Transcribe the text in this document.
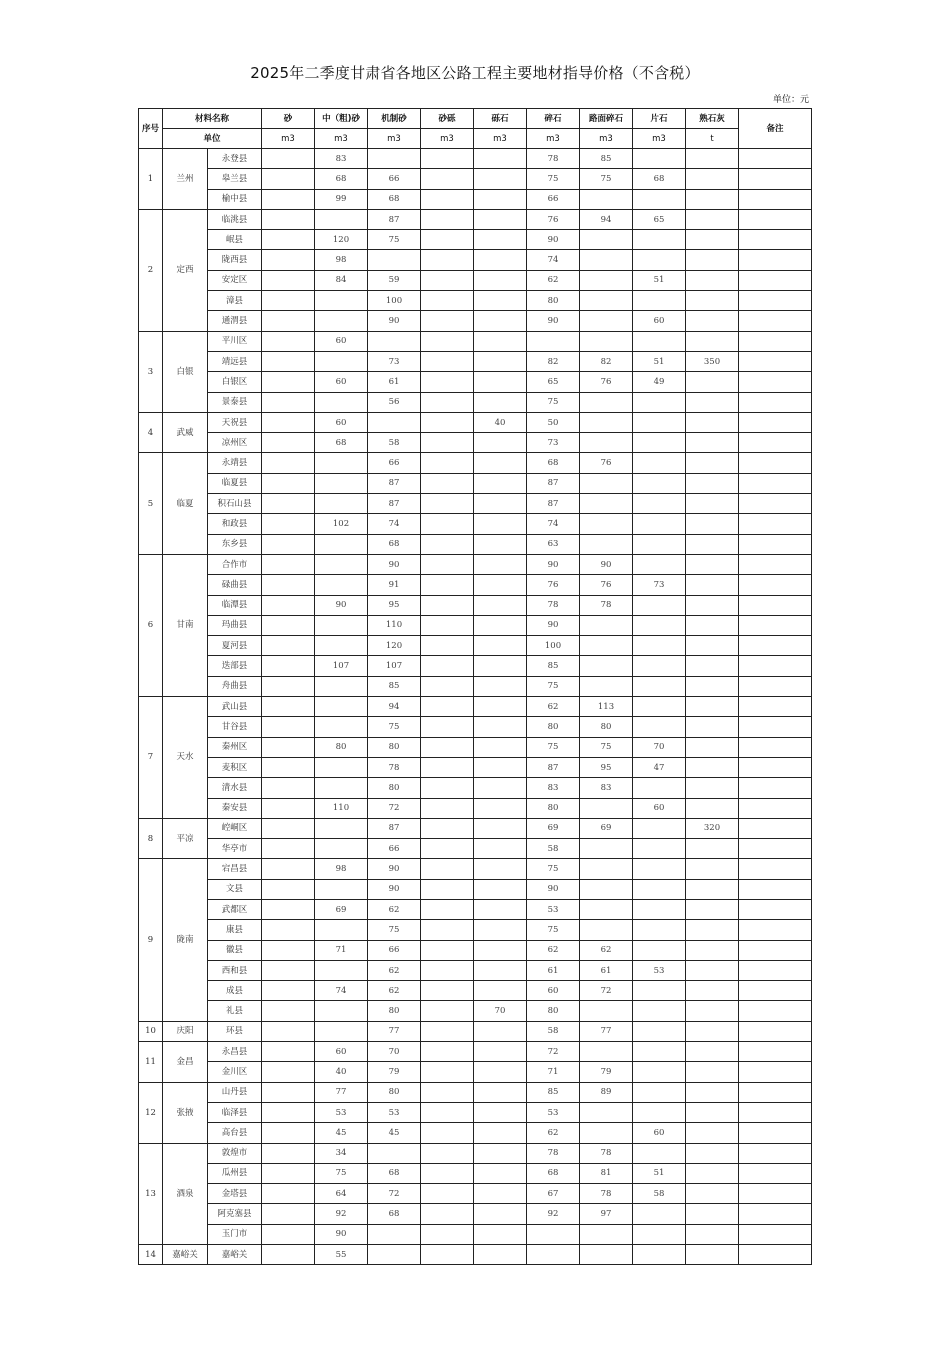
2025年二季度甘肃省各地区公路工程主要地材指导价格（不含税）
单位：元
序号	材料名称		砂	中（粗)砂	机制砂	砂砾	砾石	碎石	路面碎石	片石	熟石灰	备注
	单位		m3	m3	m3	m3	m3	m3	m3	m3	t	
1	兰州	永登县		83				78	85			
		皋兰县		68	66			75	75	68		
		榆中县		99	68			66				
2	定西	临洮县			87			76	94	65		
		岷县		120	75			90				
		陇西县		98				74				
		安定区		84	59			62		51		
		漳县			100			80				
		通渭县			90			90		60		
3	白银	平川区		60								
		靖远县			73			82	82	51	350	
		白银区		60	61			65	76	49		
		景泰县			56			75				
4	武威	天祝县		60			40	50				
		凉州区		68	58			73				
5	临夏	永靖县			66			68	76			
		临夏县			87			87				
		积石山县			87			87				
		和政县		102	74			74				
		东乡县			68			63				
6	甘南	合作市			90			90	90			
		碌曲县			91			76	76	73		
		临潭县		90	95			78	78			
		玛曲县			110			90				
		夏河县			120			100				
		迭部县		107	107			85				
		舟曲县			85			75				
7	天水	武山县			94			62	113			
		甘谷县			75			80	80			
		秦州区		80	80			75	75	70		
		麦积区			78			87	95	47		
		清水县			80			83	83			
		秦安县		110	72			80		60		
8	平凉	崆峒区			87			69	69		320	
		华亭市			66			58				
9	陇南	宕昌县		98	90			75				
		文县			90			90				
		武都区		69	62			53				
		康县			75			75				
		徽县		71	66			62	62			
		西和县			62			61	61	53		
		成县		74	62			60	72			
		礼县			80		70	80				
10	庆阳	环县			77			58	77			
11	金昌	永昌县		60	70			72				
		金川区		40	79			71	79			
12	张掖	山丹县		77	80			85	89			
		临泽县		53	53			53				
		高台县		45	45			62		60		
13	酒泉	敦煌市		34				78	78			
		瓜州县		75	68			68	81	51		
		金塔县		64	72			67	78	58		
		阿克塞县		92	68			92	97			
		玉门市		90								
14	嘉峪关	嘉峪关		55								
